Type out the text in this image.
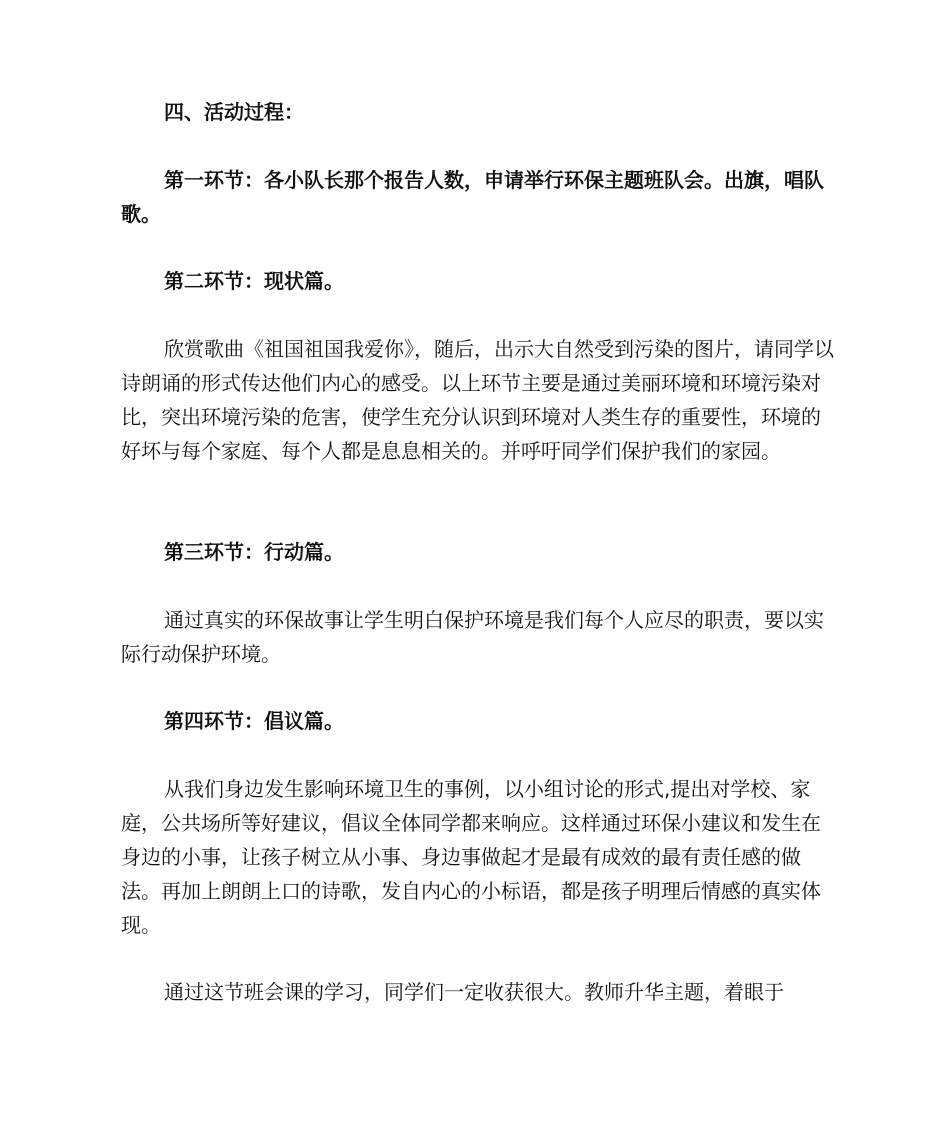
四、活动过程：

第一环节：各小队长那个报告人数，申请举行环保主题班队会。出旗，唱队歌。

第二环节：现状篇。

欣赏歌曲《祖国祖国我爱你》，随后，出示大自然受到污染的图片，请同学以诗朗诵的形式传达他们内心的感受。以上环节主要是通过美丽环境和环境污染对比，突出环境污染的危害，使学生充分认识到环境对人类生存的重要性，环境的好坏与每个家庭、每个人都是息息相关的。并呼吁同学们保护我们的家园。

第三环节：行动篇。

通过真实的环保故事让学生明白保护环境是我们每个人应尽的职责，要以实际行动保护环境。

第四环节：倡议篇。

从我们身边发生影响环境卫生的事例，以小组讨论的形式,提出对学校、家庭，公共场所等好建议，倡议全体同学都来响应。这样通过环保小建议和发生在身边的小事，让孩子树立从小事、身边事做起才是最有成效的最有责任感的做法。再加上朗朗上口的诗歌，发自内心的小标语，都是孩子明理后情感的真实体现。

通过这节班会课的学习，同学们一定收获很大。教师升华主题，着眼于
